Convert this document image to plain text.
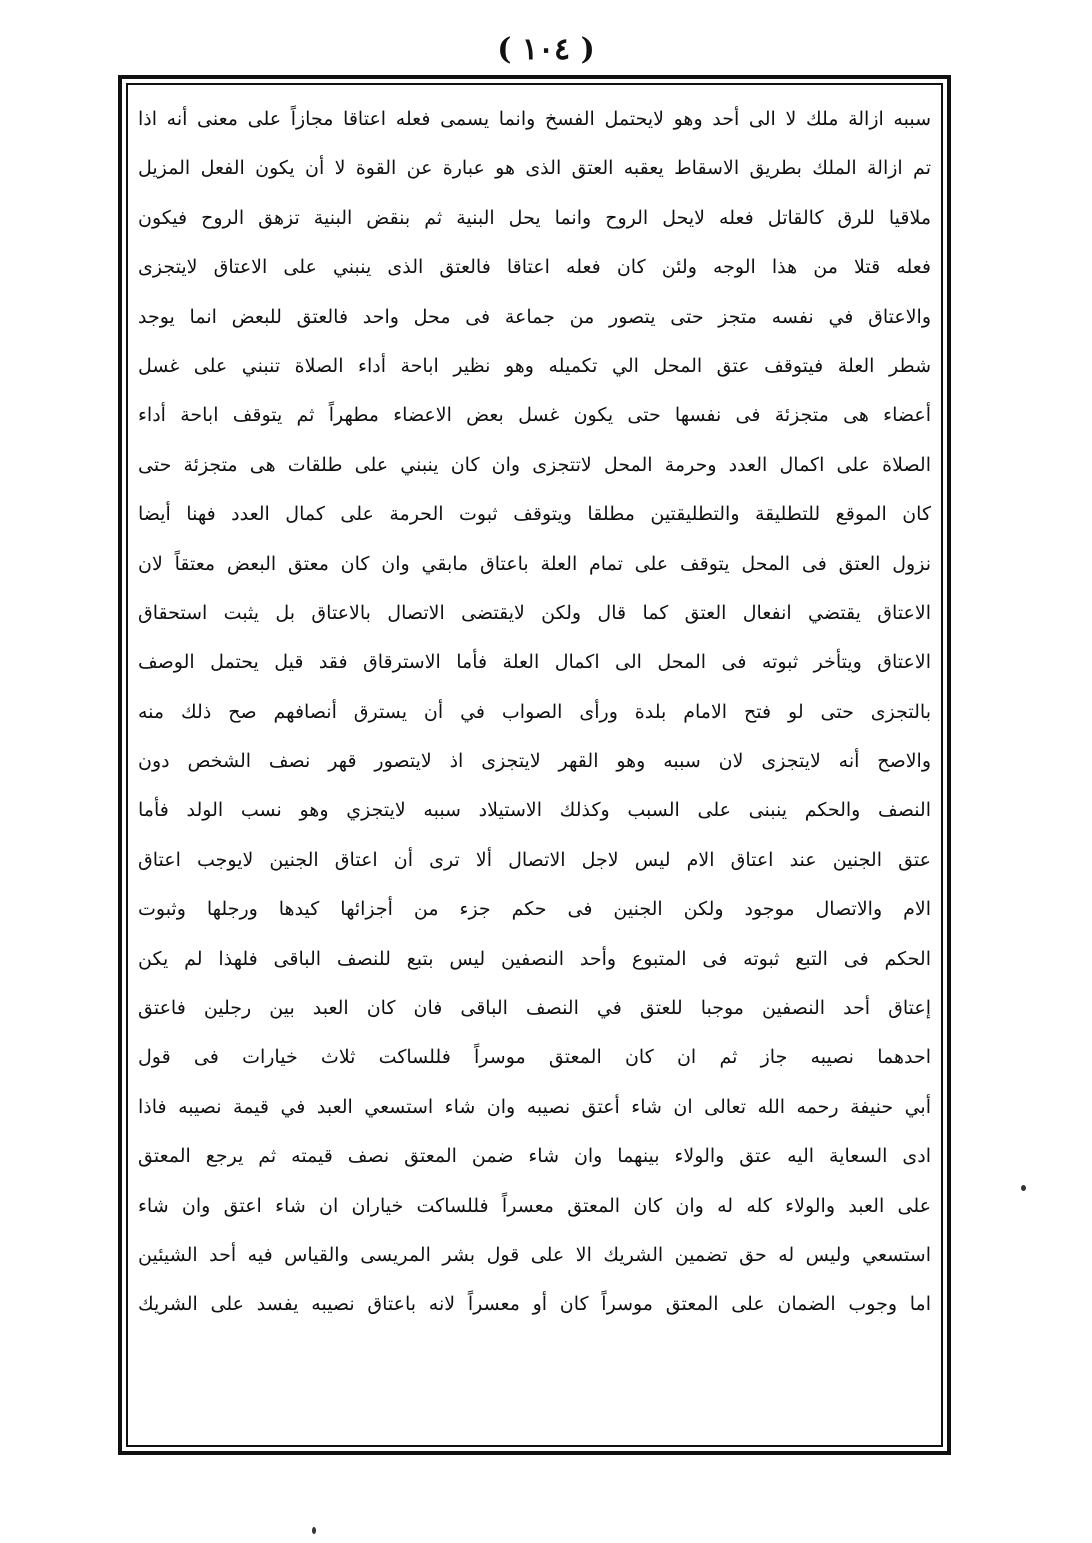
( ١٠٤ )
سببه ازالة ملك لا الى أحد وهو لايحتمل الفسخ وانما يسمى فعله اعتاقا مجازاً على معنى أنه اذا
تم ازالة الملك بطريق الاسقاط يعقبه العتق الذى هو عبارة عن القوة لا أن يكون الفعل المزيل
ملاقيا للرق كالقاتل فعله لايحل الروح وانما يحل البنية ثم بنقض البنية تزهق الروح فيكون
فعله قتلا من هذا الوجه ولئن كان فعله اعتاقا فالعتق الذى ينبني على الاعتاق لايتجزى
والاعتاق في نفسه متجز حتى يتصور من جماعة فى محل واحد فالعتق للبعض انما يوجد
شطر العلة فيتوقف عتق المحل الي تكميله وهو نظير اباحة أداء الصلاة تنبني على غسل
أعضاء هى متجزئة فى نفسها حتى يكون غسل بعض الاعضاء مطهراً ثم يتوقف اباحة أداء
الصلاة على اكمال العدد وحرمة المحل لاتتجزى وان كان ينبني على طلقات هى متجزئة حتى
كان الموقع للتطليقة والتطليقتين مطلقا ويتوقف ثبوت الحرمة على كمال العدد فهنا أيضا
نزول العتق فى المحل يتوقف على تمام العلة باعتاق مابقي وان كان معتق البعض معتقاً لان
الاعتاق يقتضي انفعال العتق كما قال ولكن لايقتضى الاتصال بالاعتاق بل يثبت استحقاق
الاعتاق ويتأخر ثبوته فى المحل الى اكمال العلة فأما الاسترقاق فقد قيل يحتمل الوصف
بالتجزى حتى لو فتح الامام بلدة ورأى الصواب في أن يسترق أنصافهم صح ذلك منه
والاصح أنه لايتجزى لان سببه وهو القهر لايتجزى اذ لايتصور قهر نصف الشخص دون
النصف والحكم ينبنى على السبب وكذلك الاستيلاد سببه لايتجزي وهو نسب الولد فأما
عتق الجنين عند اعتاق الام ليس لاجل الاتصال ألا ترى أن اعتاق الجنين لايوجب اعتاق
الام والاتصال موجود ولكن الجنين فى حكم جزء من أجزائها كيدها ورجلها وثبوت
الحكم فى التبع ثبوته فى المتبوع وأحد النصفين ليس بتبع للنصف الباقى فلهذا لم يكن
إعتاق أحد النصفين موجبا للعتق في النصف الباقى فان كان العبد بين رجلين فاعتق
احدهما نصيبه جاز ثم ان كان المعتق موسراً فللساكت ثلاث خيارات فى قول
أبي حنيفة رحمه الله تعالى ان شاء أعتق نصيبه وان شاء استسعي العبد في قيمة نصيبه فاذا
ادى السعاية اليه عتق والولاء بينهما وان شاء ضمن المعتق نصف قيمته ثم يرجع المعتق
على العبد والولاء كله له وان كان المعتق معسراً فللساكت خياران ان شاء اعتق وان شاء
استسعي وليس له حق تضمين الشريك الا على قول بشر المريسى والقياس فيه أحد الشيئين
اما وجوب الضمان على المعتق موسراً كان أو معسراً لانه باعتاق نصيبه يفسد على الشريك
